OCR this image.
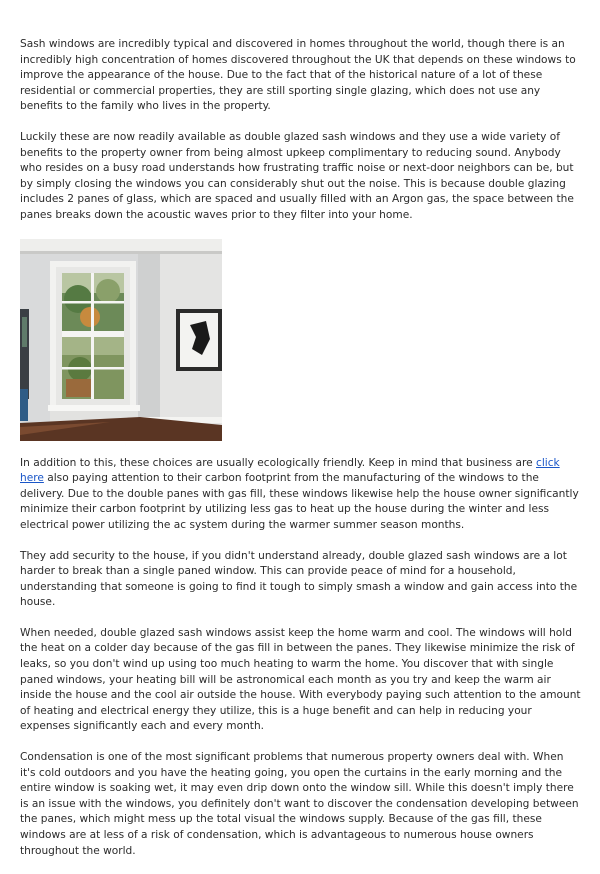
Sash windows are incredibly typical and discovered in homes throughout the world, though there is an incredibly high concentration of homes discovered throughout the UK that depends on these windows to improve the appearance of the house. Due to the fact that of the historical nature of a lot of these residential or commercial properties, they are still sporting single glazing, which does not use any benefits to the family who lives in the property.

Luckily these are now readily available as double glazed sash windows and they use a wide variety of benefits to the property owner from being almost upkeep complimentary to reducing sound. Anybody who resides on a busy road understands how frustrating traffic noise or next-door neighbors can be, but by simply closing the windows you can considerably shut out the noise. This is because double glazing includes 2 panes of glass, which are spaced and usually filled with an Argon gas, the space between the panes breaks down the acoustic waves prior to they filter into your home.

In addition to this, these choices are usually ecologically friendly. Keep in mind that business are click here also paying attention to their carbon footprint from the manufacturing of the windows to the delivery. Due to the double panes with gas fill, these windows likewise help the house owner significantly minimize their carbon footprint by utilizing less gas to heat up the house during the winter and less electrical power utilizing the ac system during the warmer summer season months.

They add security to the house, if you didn't understand already, double glazed sash windows are a lot harder to break than a single paned window. This can provide peace of mind for a household, understanding that someone is going to find it tough to simply smash a window and gain access into the house.

When needed, double glazed sash windows assist keep the home warm and cool. The windows will hold the heat on a colder day because of the gas fill in between the panes. They likewise minimize the risk of leaks, so you don't wind up using too much heating to warm the home. You discover that with single paned windows, your heating bill will be astronomical each month as you try and keep the warm air inside the house and the cool air outside the house. With everybody paying such attention to the amount of heating and electrical energy they utilize, this is a huge benefit and can help in reducing your expenses significantly each and every month.

Condensation is one of the most significant problems that numerous property owners deal with. When it's cold outdoors and you have the heating going, you open the curtains in the early morning and the entire window is soaking wet, it may even drip down onto the window sill. While this doesn't imply there is an issue with the windows, you definitely don't want to discover the condensation developing between the panes, which might mess up the total visual the windows supply. Because of the gas fill, these windows are at less of a risk of condensation, which is advantageous to numerous house owners throughout the world.
